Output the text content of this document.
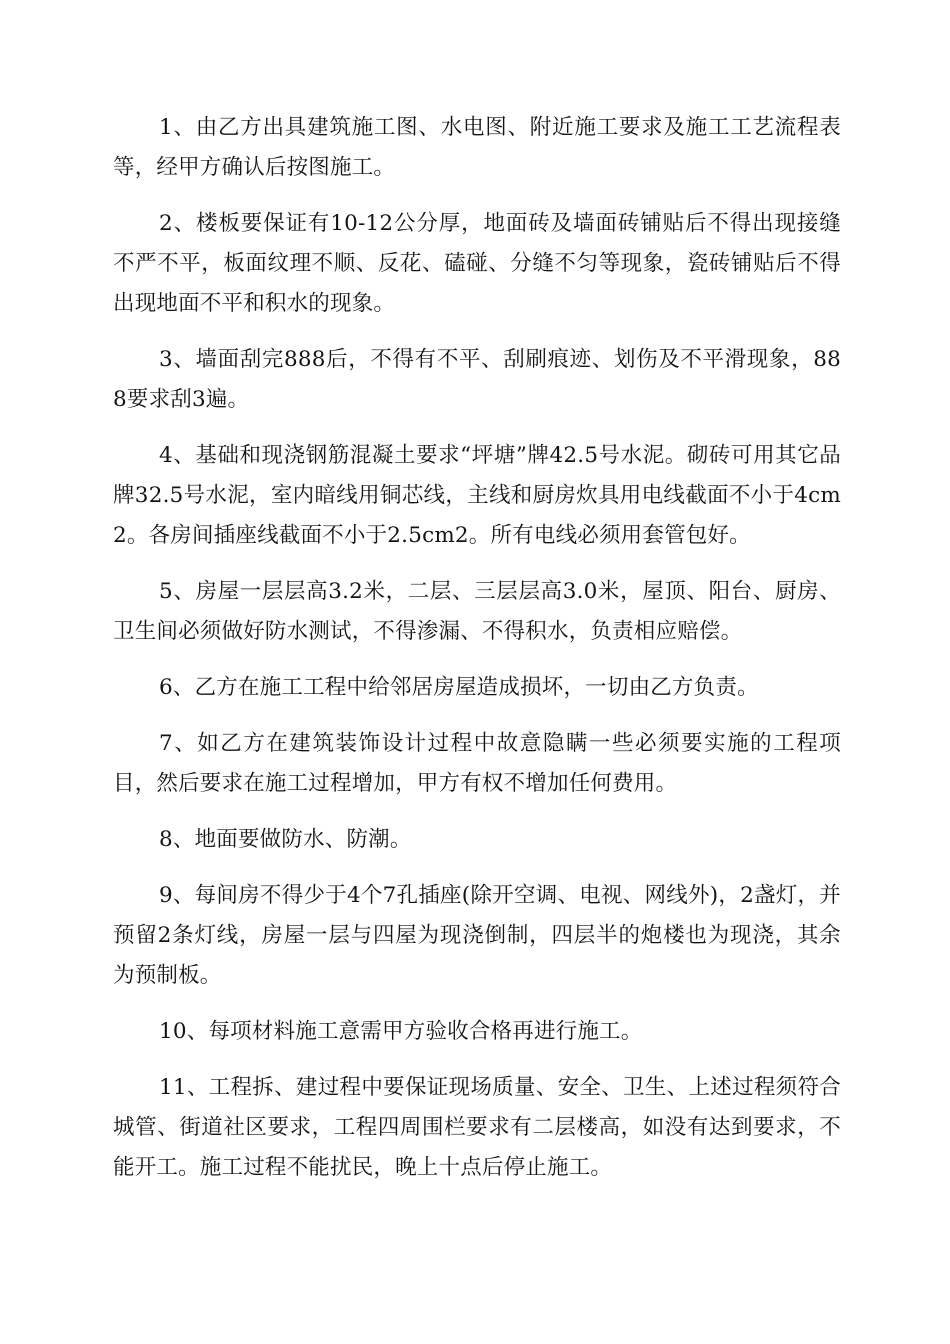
1、由乙方出具建筑施工图、水电图、附近施工要求及施工工艺流程表等，经甲方确认后按图施工。

2、楼板要保证有10-12公分厚，地面砖及墙面砖铺贴后不得出现接缝不严不平，板面纹理不顺、反花、磕碰、分缝不匀等现象，瓷砖铺贴后不得出现地面不平和积水的现象。

3、墙面刮完888后，不得有不平、刮刷痕迹、划伤及不平滑现象，888要求刮3遍。

4、基础和现浇钢筋混凝土要求“坪塘”牌42.5号水泥。砌砖可用其它品牌32.5号水泥，室内暗线用铜芯线，主线和厨房炊具用电线截面不小于4cm2。各房间插座线截面不小于2.5cm2。所有电线必须用套管包好。

5、房屋一层层高3.2米，二层、三层层高3.0米，屋顶、阳台、厨房、卫生间必须做好防水测试，不得渗漏、不得积水，负责相应赔偿。

6、乙方在施工工程中给邻居房屋造成损坏，一切由乙方负责。

7、如乙方在建筑装饰设计过程中故意隐瞒一些必须要实施的工程项目，然后要求在施工过程增加，甲方有权不增加任何费用。

8、地面要做防水、防潮。

9、每间房不得少于4个7孔插座(除开空调、电视、网线外)，2盏灯，并预留2条灯线，房屋一层与四屋为现浇倒制，四层半的炮楼也为现浇，其余为预制板。

10、每项材料施工意需甲方验收合格再进行施工。

11、工程拆、建过程中要保证现场质量、安全、卫生、上述过程须符合城管、街道社区要求，工程四周围栏要求有二层楼高，如没有达到要求，不能开工。施工过程不能扰民，晚上十点后停止施工。
